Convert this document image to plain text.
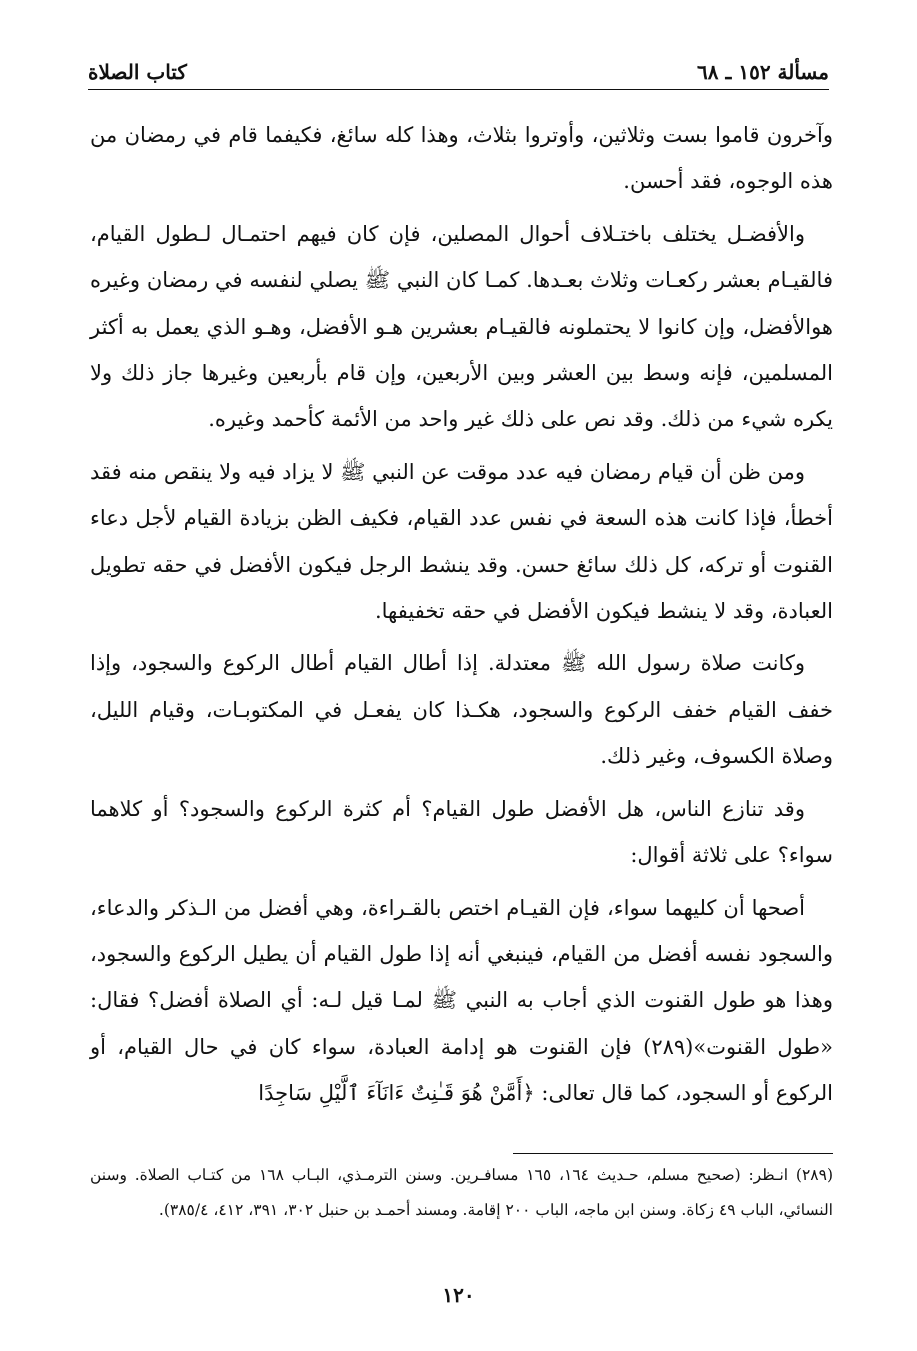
كتاب الصلاة	مسألة ١٥٢ ـ ٦٨

وآخرون قاموا بست وثلاثين، وأوتروا بثلاث، وهذا كله سائغ، فكيفما قام في رمضان من هذه الوجوه، فقد أحسن.

والأفضـل يختلف باختـلاف أحوال المصلين، فإن كان فيهم احتمـال لـطول القيام، فالقيـام بعشر ركعـات وثلاث بعـدها. كمـا كان النبي ﷺ يصلي لنفسه في رمضان وغيره هوالأفضل، وإن كانوا لا يحتملونه فالقيـام بعشرين هـو الأفضل، وهـو الذي يعمل به أكثر المسلمين، فإنه وسط بين العشر وبين الأربعين، وإن قام بأربعين وغيرها جاز ذلك ولا يكره شيء من ذلك. وقد نص على ذلك غير واحد من الأئمة كأحمد وغيره.

ومن ظن أن قيام رمضان فيه عدد موقت عن النبي ﷺ لا يزاد فيه ولا ينقص منه فقد أخطأ، فإذا كانت هذه السعة في نفس عدد القيام، فكيف الظن بزيادة القيام لأجل دعاء القنوت أو تركه، كل ذلك سائغ حسن. وقد ينشط الرجل فيكون الأفضل في حقه تطويل العبادة، وقد لا ينشط فيكون الأفضل في حقه تخفيفها.

وكانت صلاة رسول الله ﷺ معتدلة. إذا أطال القيام أطال الركوع والسجود، وإذا خفف القيام خفف الركوع والسجود، هكـذا كان يفعـل في المكتوبـات، وقيام الليل، وصلاة الكسوف، وغير ذلك.

وقد تنازع الناس، هل الأفضل طول القيام؟ أم كثرة الركوع والسجود؟ أو كلاهما سواء؟ على ثلاثة أقوال:

أصحها أن كليهما سواء، فإن القيـام اختص بالقـراءة، وهي أفضل من الـذكر والدعاء، والسجود نفسه أفضل من القيام، فينبغي أنه إذا طول القيام أن يطيل الركوع والسجود، وهذا هو طول القنوت الذي أجاب به النبي ﷺ لمـا قيل لـه: أي الصلاة أفضل؟ فقال: «طول القنوت»(٢٨٩) فإن القنوت هو إدامة العبادة، سواء كان في حال القيام، أو الركوع أو السجود، كما قال تعالى: ﴿أَمَّنْ هُوَ قَـٰنِتٌ ءَانَآءَ ٱلَّيْلِ سَاجِدًا

(٢٨٩) انـظر: (صحيح مسلم، حـديث ١٦٤، ١٦٥ مسافـرين. وسنن الترمـذي، البـاب ١٦٨ من كتـاب الصلاة. وسنن النسائي، الباب ٤٩ زكاة. وسنن ابن ماجه، الباب ٢٠٠ إقامة. ومسند أحمـد بن حنبل ٣٠٢، ٣٩١، ٤١٢، ٣٨٥/٤).
١٢٠
